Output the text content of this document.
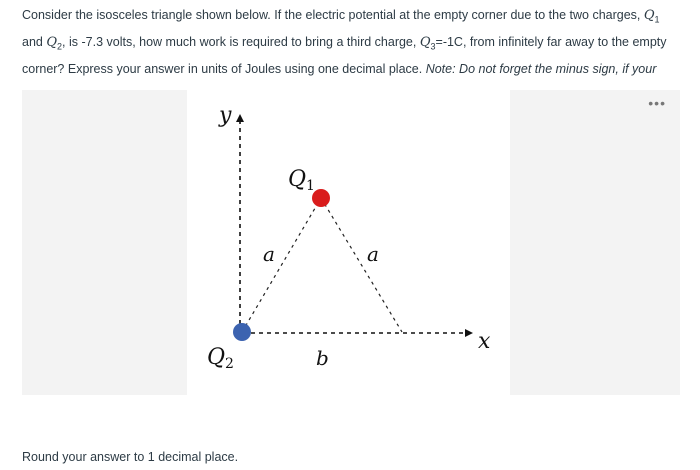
Consider the isosceles triangle shown below. If the electric potential at the empty corner due to the two charges, $Q_1$ and $Q_2$, is -7.3 volts, how much work is required to bring a third charge, $Q_3=-1C$, from infinitely far away to the empty corner? Express your answer in units of Joules using one decimal place. Note: Do not forget the minus sign, if your
y
x
Q1
Q2
a	a
b
•••
Round your answer to 1 decimal place.
